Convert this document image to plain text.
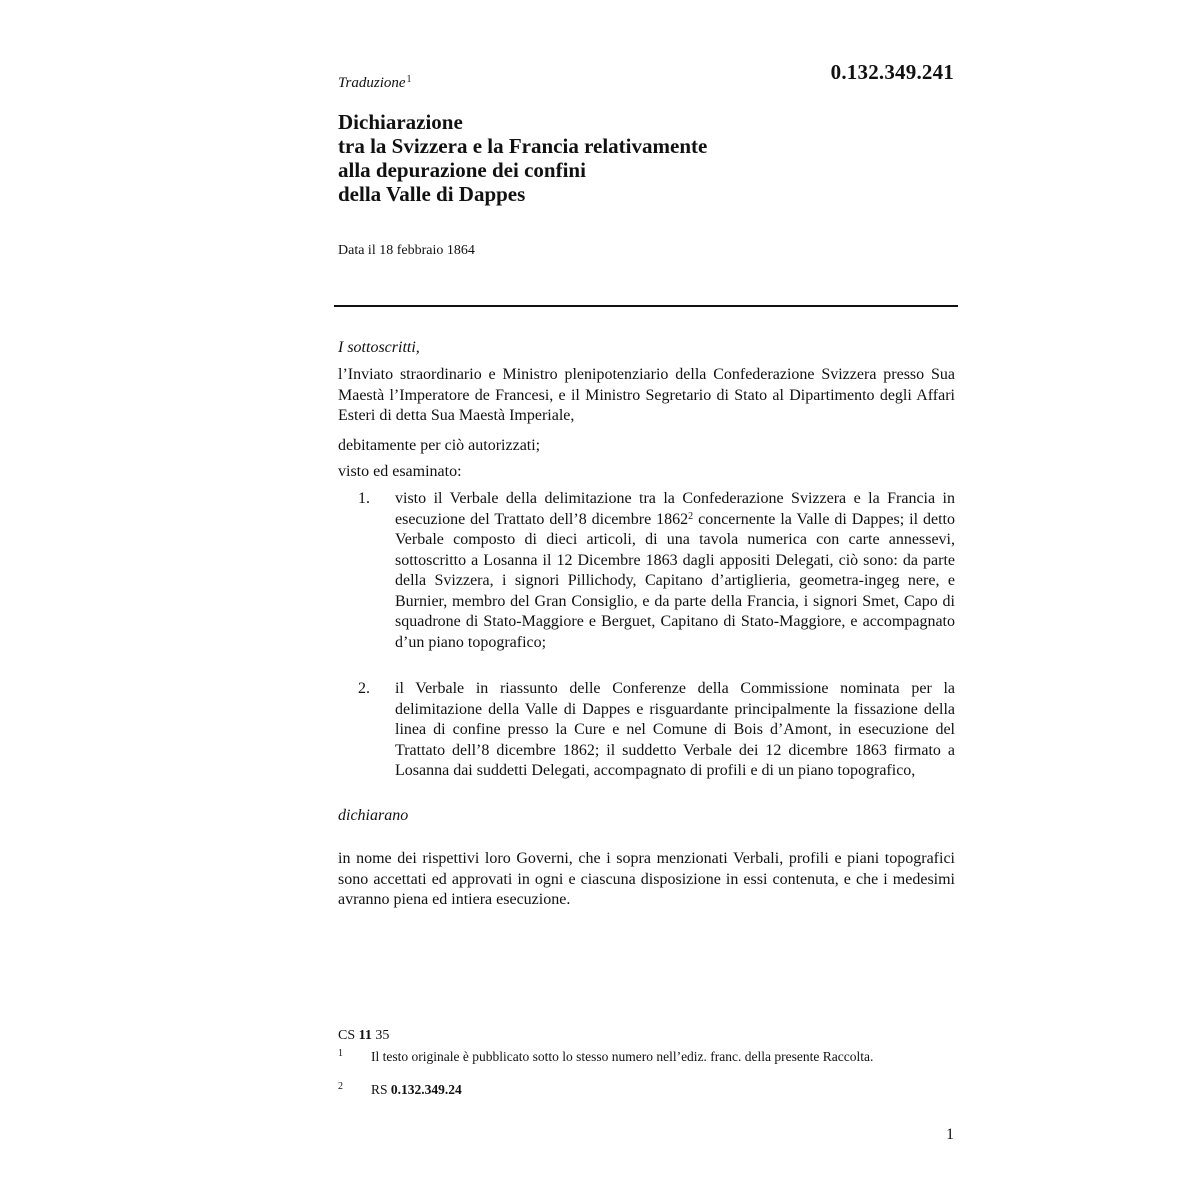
0.132.349.241
Traduzione$^1$
Dichiarazione
tra la Svizzera e la Francia relativamente
alla depurazione dei confini
della Valle di Dappes
Data il 18 febbraio 1864
I sottoscritti,
l’Inviato straordinario e Ministro plenipotenziario della Confederazione Svizzera presso Sua Maestà l’Imperatore de Francesi, e il Ministro Segretario di Stato al Dipartimento degli Affari Esteri di detta Sua Maestà Imperiale,
debitamente per ciò autorizzati;
visto ed esaminato:
1. visto il Verbale della delimitazione tra la Confederazione Svizzera e la Francia in esecuzione del Trattato dell’8 dicembre 1862$^2$ concernente la Valle di Dappes; il detto Verbale composto di dieci articoli, di una tavola numerica con carte annessevi, sottoscritto a Losanna il 12 Dicembre 1863 dagli appositi Delegati, ciò sono: da parte della Svizzera, i signori Pillichody, Capitano d’artiglieria, geometra-ingeg nere, e Burnier, membro del Gran Consiglio, e da parte della Francia, i signori Smet, Capo di squadrone di Stato-Maggiore e Berguet, Capitano di Stato-Maggiore, e accompagnato d’un piano topografico;
2. il Verbale in riassunto delle Conferenze della Commissione nominata per la delimitazione della Valle di Dappes e risguardante principalmente la fissazione della linea di confine presso la Cure e nel Comune di Bois d’Amont, in esecuzione del Trattato dell’8 dicembre 1862; il suddetto Verbale dei 12 dicembre 1863 firmato a Losanna dai suddetti Delegati, accompagnato di profili e di un piano topografico,
dichiarano
in nome dei rispettivi loro Governi, che i sopra menzionati Verbali, profili e piani topografici sono accettati ed approvati in ogni e ciascuna disposizione in essi contenuta, e che i medesimi avranno piena ed intiera esecuzione.
CS 11 35
1 Il testo originale è pubblicato sotto lo stesso numero nell’ediz. franc. della presente Raccolta.
2 RS 0.132.349.24
1
